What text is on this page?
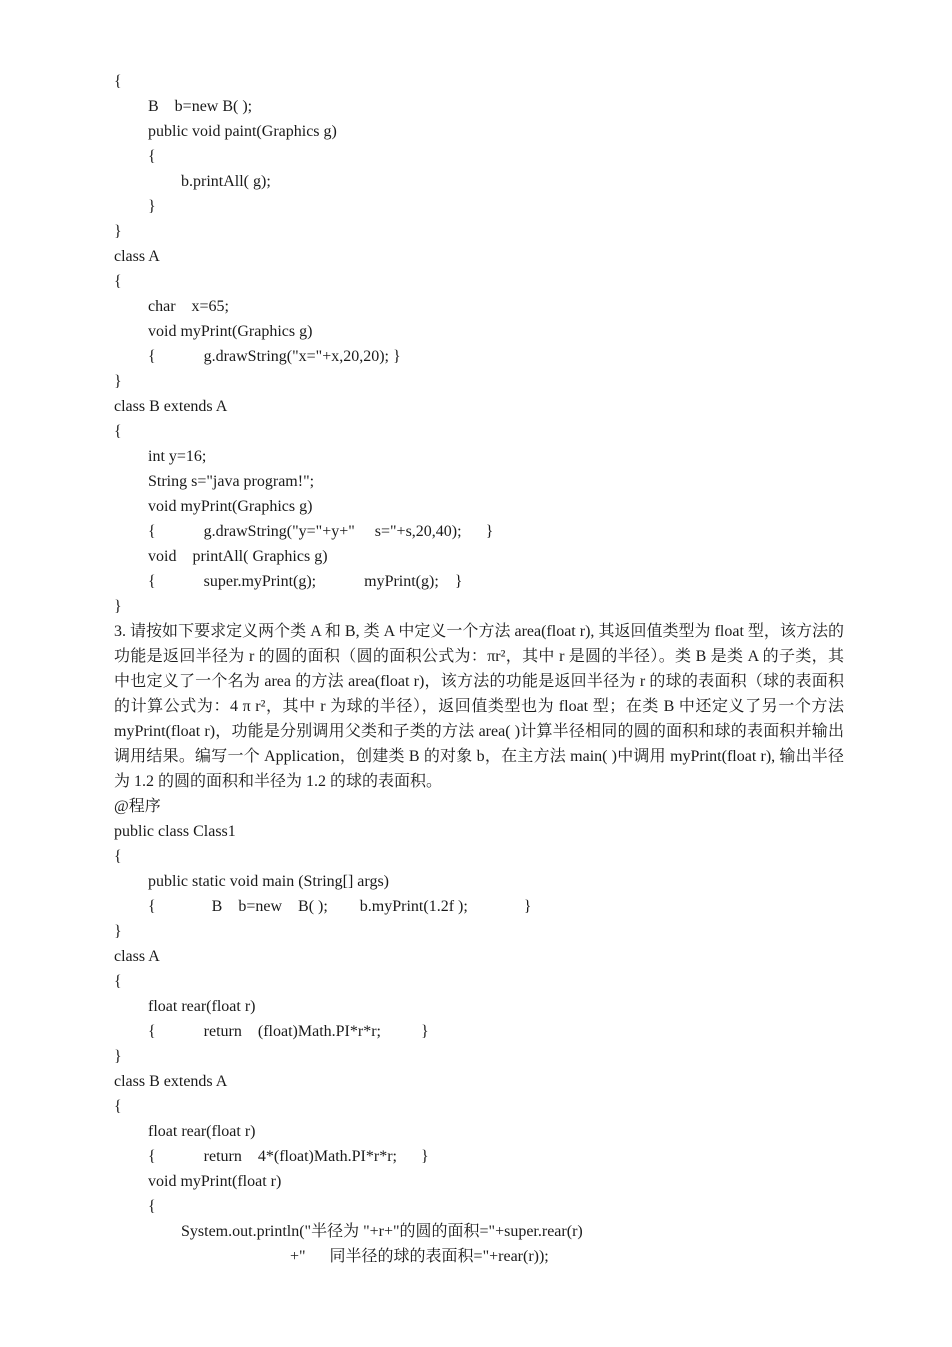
{
B    b=new B( );
public void paint(Graphics g)
{
b.printAll( g);
}
}
class A
{
char    x=65;
void myPrint(Graphics g)
{            g.drawString("x="+x,20,20); }
}
class B extends A
{
int y=16;
String s="java program!";
void myPrint(Graphics g)
{            g.drawString("y="+y+"     s="+s,20,40);      }
void    printAll( Graphics g)
{            super.myPrint(g);            myPrint(g);    }
}

3. 请按如下要求定义两个类 A 和 B, 类 A 中定义一个方法 area(float r), 其返回值类型为 float 型，该方法的功能是返回半径为 r 的圆的面积（圆的面积公式为：πr²，其中 r 是圆的半径）。类 B 是类 A 的子类，其中也定义了一个名为 area 的方法 area(float r)，该方法的功能是返回半径为 r 的球的表面积（球的表面积的计算公式为：4 π r²，其中 r 为球的半径），返回值类型也为 float 型；在类 B 中还定义了另一个方法 myPrint(float r)，功能是分别调用父类和子类的方法 area( )计算半径相同的圆的面积和球的表面积并输出调用结果。编写一个 Application，创建类 B 的对象 b，在主方法 main( )中调用 myPrint(float r), 输出半径为 1.2 的圆的面积和半径为 1.2 的球的表面积。

@程序
public class Class1
{
public static void main (String[] args)
{              B    b=new    B( );        b.myPrint(1.2f );              }
}
class A
{
float rear(float r)
{            return    (float)Math.PI*r*r;          }
}
class B extends A
{
float rear(float r)
{            return    4*(float)Math.PI*r*r;      }
void myPrint(float r)
{
System.out.println("半径为 "+r+"的圆的面积="+super.rear(r)
+"      同半径的球的表面积="+rear(r));
